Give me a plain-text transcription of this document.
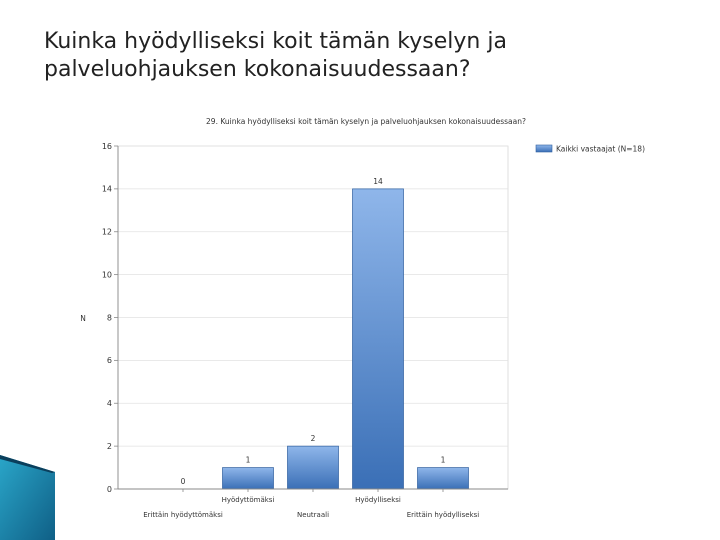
Kuinka hyödylliseksi koit tämän kyselyn ja palveluohjauksen kokonaisuudessaan?
0
2
4
6
8
10
12
14
16
Erittäin hyödyttömäksi
Hyödyttömäksi
Neutraali
Hyödylliseksi
Erittäin hyödylliseksi
0
1
2
14
1
29. Kuinka hyödylliseksi koit tämän kyselyn ja palveluohjauksen kokonaisuudessaan?
N
Kaikki vastaajat (N=18)
